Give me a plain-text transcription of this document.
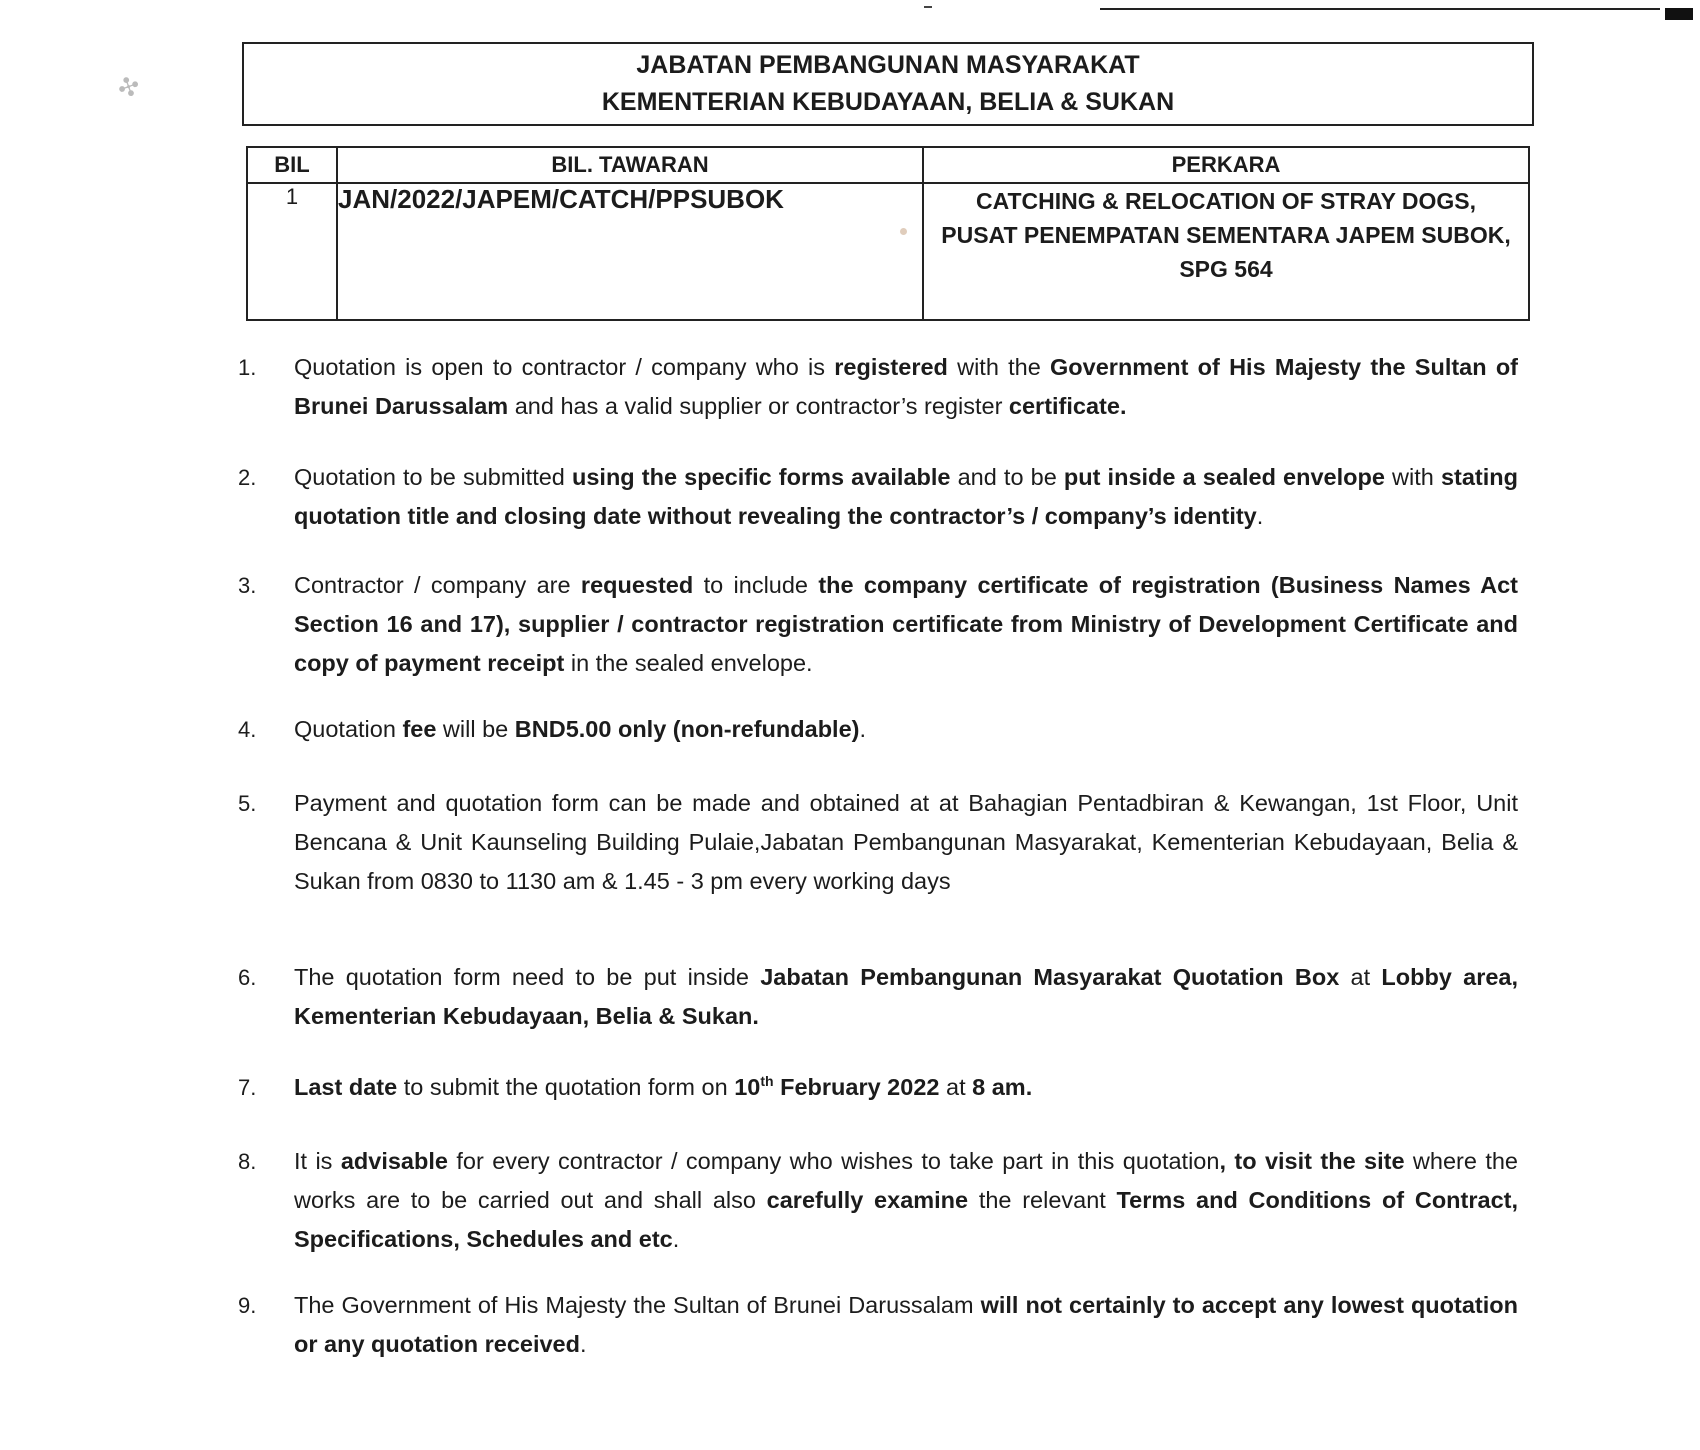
✣
JABATAN PEMBANGUNAN MASYARAKAT
KEMENTERIAN KEBUDAYAAN, BELIA & SUKAN
BIL	BIL. TAWARAN	PERKARA
1	JAN/2022/JAPEM/CATCH/PPSUBOK	CATCHING & RELOCATION OF STRAY DOGS,
PUSAT PENEMPATAN SEMENTARA JAPEM SUBOK,
SPG 564
1.	Quotation is open to contractor / company who is registered with the Government of His Majesty the Sultan of Brunei Darussalam and has a valid supplier or contractor’s register certificate.
2.	Quotation to be submitted using the specific forms available and to be put inside a sealed envelope with stating quotation title and closing date without revealing the contractor’s / company’s identity.
3.	Contractor / company are requested to include the company certificate of registration (Business Names Act Section 16 and 17), supplier / contractor registration certificate from Ministry of Development Certificate and copy of payment receipt in the sealed envelope.
4.	Quotation fee will be BND5.00 only (non-refundable).
5.	Payment and quotation form can be made and obtained at at Bahagian Pentadbiran & Kewangan, 1st Floor, Unit Bencana & Unit Kaunseling Building Pulaie,Jabatan Pembangunan Masyarakat, Kementerian Kebudayaan, Belia & Sukan from 0830 to 1130 am & 1.45 - 3 pm every working days
6.	The quotation form need to be put inside Jabatan Pembangunan Masyarakat Quotation Box at Lobby area, Kementerian Kebudayaan, Belia & Sukan.
7.	Last date to submit the quotation form on 10th February 2022 at 8 am.
8.	It is advisable for every contractor / company who wishes to take part in this quotation, to visit the site where the works are to be carried out and shall also carefully examine the relevant Terms and Conditions of Contract, Specifications, Schedules and etc.
9.	The Government of His Majesty the Sultan of Brunei Darussalam will not certainly to accept any lowest quotation or any quotation received.
